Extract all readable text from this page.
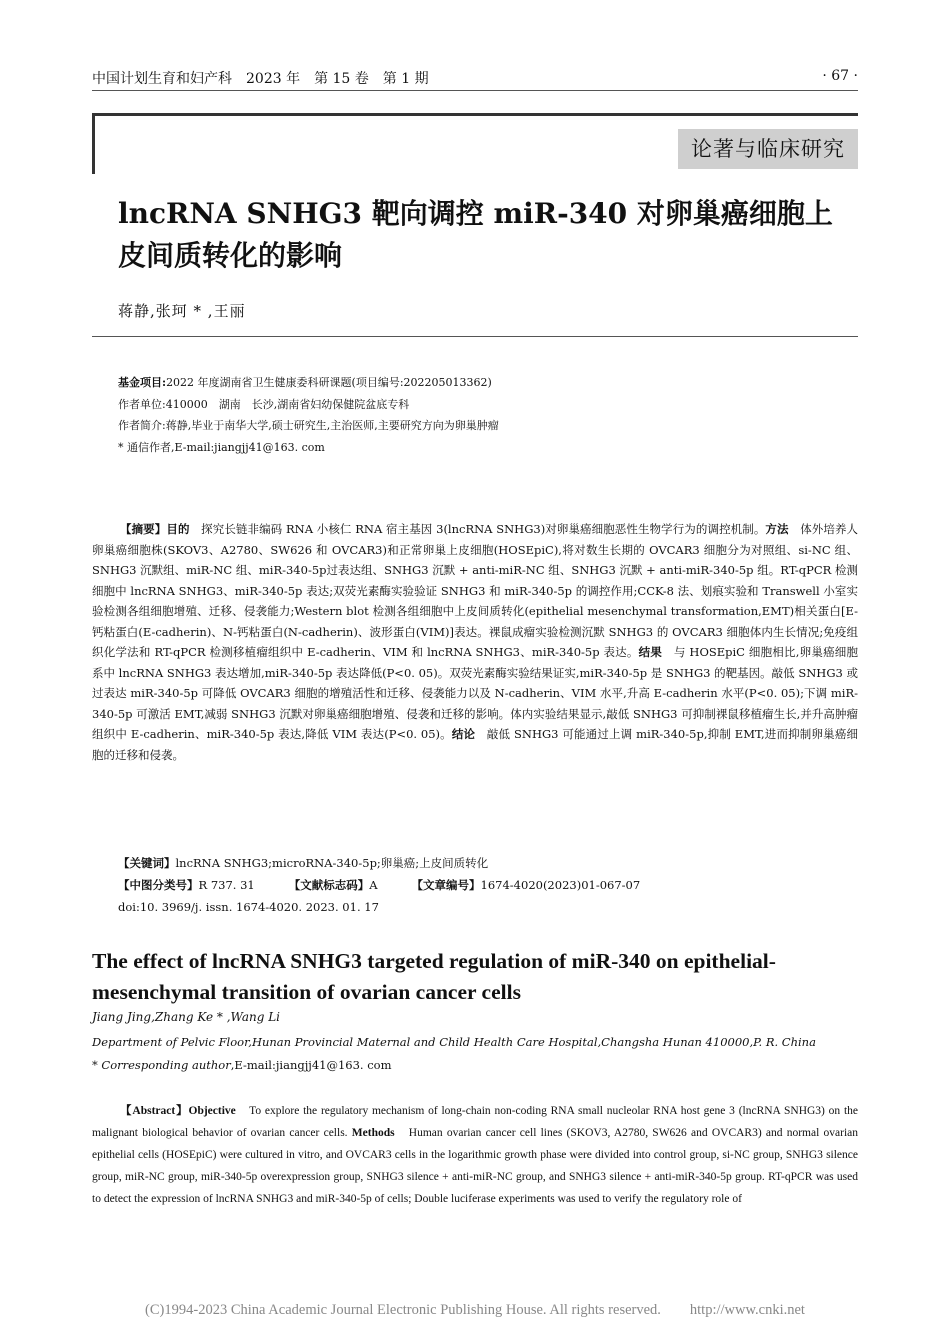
中国计划生育和妇产科　2023 年　第 15 卷　第 1 期	· 67 ·
论著与临床研究
lncRNA SNHG3 靶向调控 miR-340 对卵巢癌细胞上皮间质转化的影响
蒋静,张珂 * ,王丽
基金项目:2022 年度湖南省卫生健康委科研课题(项目编号:202205013362)
作者单位:410000　湖南　长沙,湖南省妇幼保健院盆底专科
作者简介:蒋静,毕业于南华大学,硕士研究生,主治医师,主要研究方向为卵巢肿瘤
* 通信作者,E-mail:jiangjj41@163. com

【摘要】目的　 探究长链非编码 RNA 小核仁 RNA 宿主基因 3(lncRNA SNHG3)对卵巢癌细胞恶性生物学行为的调控机制。方法　 体外培养人卵巢癌细胞株(SKOV3、A2780、SW626 和 OVCAR3)和正常卵巢上皮细胞(HOSEpiC),将对数生长期的 OVCAR3 细胞分为对照组、si-NC 组、SNHG3 沉默组、miR-NC 组、miR-340-5p过表达组、SNHG3 沉默 + anti-miR-NC 组、SNHG3 沉默 + anti-miR-340-5p 组。RT-qPCR 检测细胞中 lncRNA SNHG3、miR-340-5p 表达;双荧光素酶实验验证 SNHG3 和 miR-340-5p 的调控作用;CCK-8 法、划痕实验和 Transwell 小室实验检测各组细胞增殖、迁移、侵袭能力;Western blot 检测各组细胞中上皮间质转化(epithelial mesenchymal transformation,EMT)相关蛋白[E-钙粘蛋白(E-cadherin)、N-钙粘蛋白(N-cadherin)、波形蛋白(VIM)]表达。裸鼠成瘤实验检测沉默 SNHG3 的 OVCAR3 细胞体内生长情况;免疫组织化学法和 RT-qPCR 检测移植瘤组织中 E-cadherin、VIM 和 lncRNA SNHG3、miR-340-5p 表达。结果　 与 HOSEpiC 细胞相比,卵巢癌细胞系中 lncRNA SNHG3 表达增加,miR-340-5p 表达降低(P<0. 05)。双荧光素酶实验结果证实,miR-340-5p 是 SNHG3 的靶基因。敲低 SNHG3 或过表达 miR-340-5p 可降低 OVCAR3 细胞的增殖活性和迁移、侵袭能力以及 N-cadherin、VIM 水平,升高 E-cadherin 水平(P<0. 05);下调 miR-340-5p 可激活 EMT,减弱 SNHG3 沉默对卵巢癌细胞增殖、侵袭和迁移的影响。体内实验结果显示,敲低 SNHG3 可抑制裸鼠移植瘤生长,并升高肿瘤组织中 E-cadherin、miR-340-5p 表达,降低 VIM 表达(P<0. 05)。结论　 敲低 SNHG3 可能通过上调 miR-340-5p,抑制 EMT,进而抑制卵巢癌细胞的迁移和侵袭。

【关键词】lncRNA SNHG3;microRNA-340-5p;卵巢癌;上皮间质转化
【中图分类号】R 737. 31	【文献标志码】A	【文章编号】1674-4020(2023)01-067-07
doi:10. 3969/j. issn. 1674-4020. 2023. 01. 17
The effect of lncRNA SNHG3 targeted regulation of miR-340 on epithelial-mesenchymal transition of ovarian cancer cells
Jiang Jing,Zhang Ke * ,Wang Li
Department of Pelvic Floor,Hunan Provincial Maternal and Child Health Care Hospital,Changsha Hunan 410000,P. R. China
* Corresponding author,E-mail:jiangjj41@163. com

【Abstract】Objective　 To explore the regulatory mechanism of long-chain non-coding RNA small nucleolar RNA host gene 3 (lncRNA SNHG3) on the malignant biological behavior of ovarian cancer cells. Methods　 Human ovarian cancer cell lines (SKOV3, A2780, SW626 and OVCAR3) and normal ovarian epithelial cells (HOSEpiC) were cultured in vitro, and OVCAR3 cells in the logarithmic growth phase were divided into control group, si-NC group, SNHG3 silence group, miR-NC group, miR-340-5p overexpression group, SNHG3 silence + anti-miR-NC group, and SNHG3 silence + anti-miR-340-5p group. RT-qPCR was used to detect the expression of lncRNA SNHG3 and miR-340-5p of cells; Double luciferase experiments was used to verify the regulatory role of

(C)1994-2023 China Academic Journal Electronic Publishing House. All rights reserved.　　http://www.cnki.net
